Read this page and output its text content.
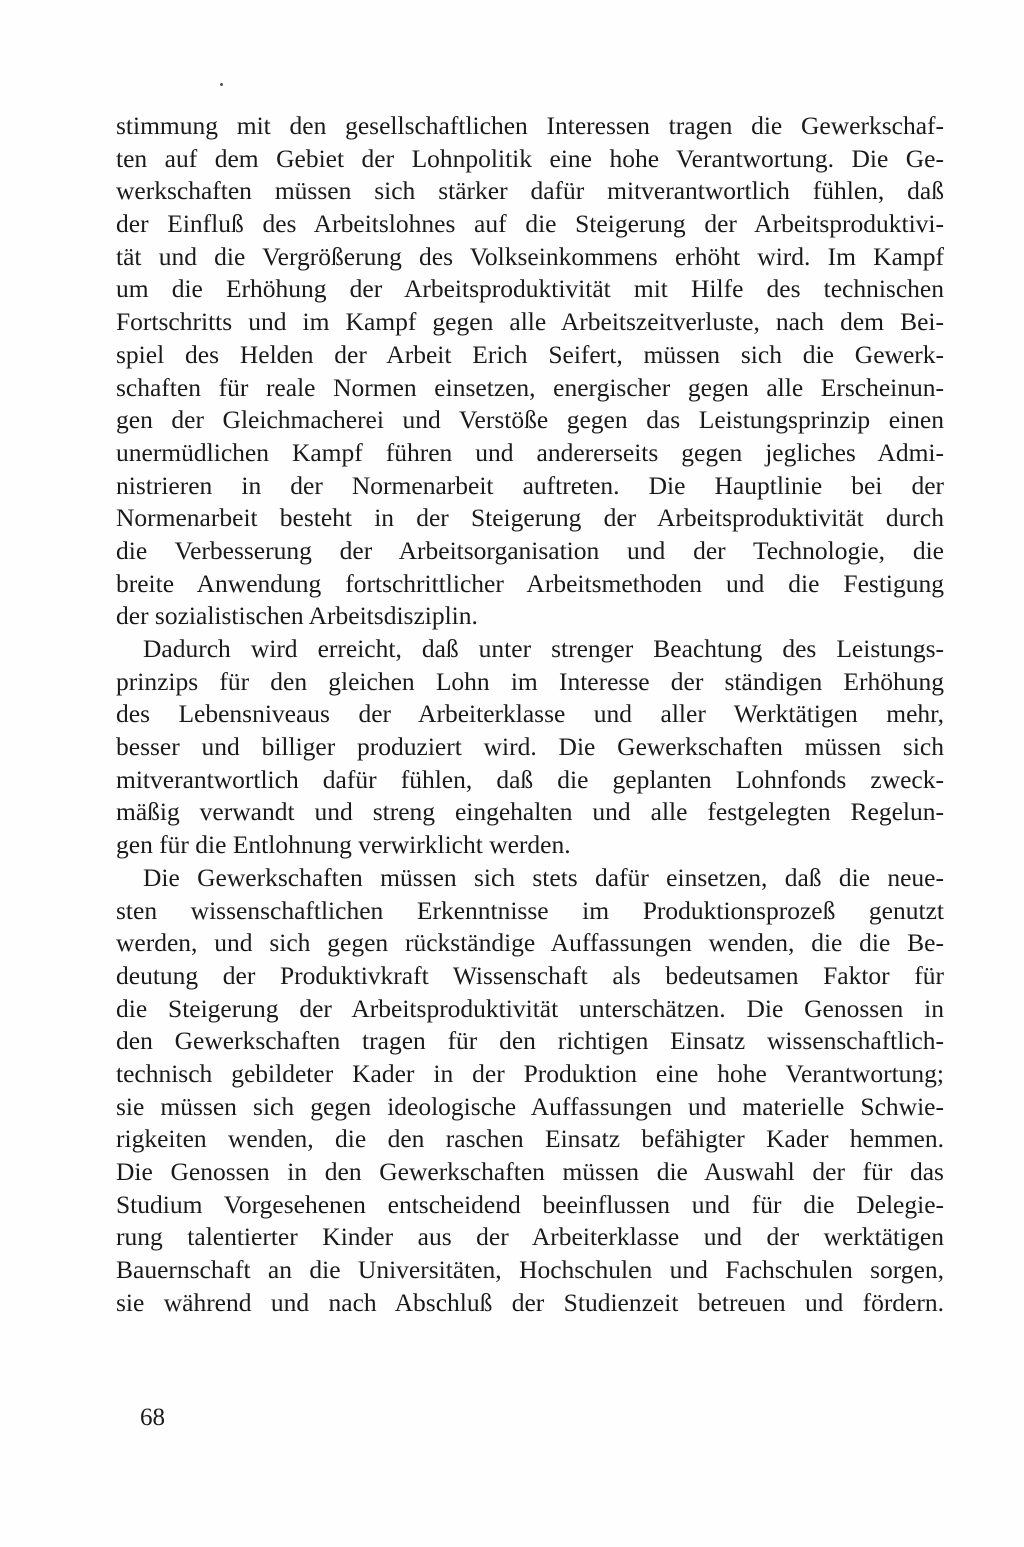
stimmung mit den gesellschaftlichen Interessen tragen die Gewerkschaf-
ten auf dem Gebiet der Lohnpolitik eine hohe Verantwortung. Die Ge-
werkschaften müssen sich stärker dafür mitverantwortlich fühlen, daß
der Einfluß des Arbeitslohnes auf die Steigerung der Arbeitsproduktivi-
tät und die Vergrößerung des Volkseinkommens erhöht wird. Im Kampf
um die Erhöhung der Arbeitsproduktivität mit Hilfe des technischen
Fortschritts und im Kampf gegen alle Arbeitszeitverluste, nach dem Bei-
spiel des Helden der Arbeit Erich Seifert, müssen sich die Gewerk-
schaften für reale Normen einsetzen, energischer gegen alle Erscheinun-
gen der Gleichmacherei und Verstöße gegen das Leistungsprinzip einen
unermüdlichen Kampf führen und andererseits gegen jegliches Admi-
nistrieren in der Normenarbeit auftreten. Die Hauptlinie bei der
Normenarbeit besteht in der Steigerung der Arbeitsproduktivität durch
die Verbesserung der Arbeitsorganisation und der Technologie, die
breite Anwendung fortschrittlicher Arbeitsmethoden und die Festigung
der sozialistischen Arbeitsdisziplin.
Dadurch wird erreicht, daß unter strenger Beachtung des Leistungs-
prinzips für den gleichen Lohn im Interesse der ständigen Erhöhung
des Lebensniveaus der Arbeiterklasse und aller Werktätigen mehr,
besser und billiger produziert wird. Die Gewerkschaften müssen sich
mitverantwortlich dafür fühlen, daß die geplanten Lohnfonds zweck-
mäßig verwandt und streng eingehalten und alle festgelegten Regelun-
gen für die Entlohnung verwirklicht werden.
Die Gewerkschaften müssen sich stets dafür einsetzen, daß die neue-
sten wissenschaftlichen Erkenntnisse im Produktionsprozeß genutzt
werden, und sich gegen rückständige Auffassungen wenden, die die Be-
deutung der Produktivkraft Wissenschaft als bedeutsamen Faktor für
die Steigerung der Arbeitsproduktivität unterschätzen. Die Genossen in
den Gewerkschaften tragen für den richtigen Einsatz wissenschaftlich-
technisch gebildeter Kader in der Produktion eine hohe Verantwortung;
sie müssen sich gegen ideologische Auffassungen und materielle Schwie-
rigkeiten wenden, die den raschen Einsatz befähigter Kader hemmen.
Die Genossen in den Gewerkschaften müssen die Auswahl der für das
Studium Vorgesehenen entscheidend beeinflussen und für die Delegie-
rung talentierter Kinder aus der Arbeiterklasse und der werktätigen
Bauernschaft an die Universitäten, Hochschulen und Fachschulen sorgen,
sie während und nach Abschluß der Studienzeit betreuen und fördern.
68
